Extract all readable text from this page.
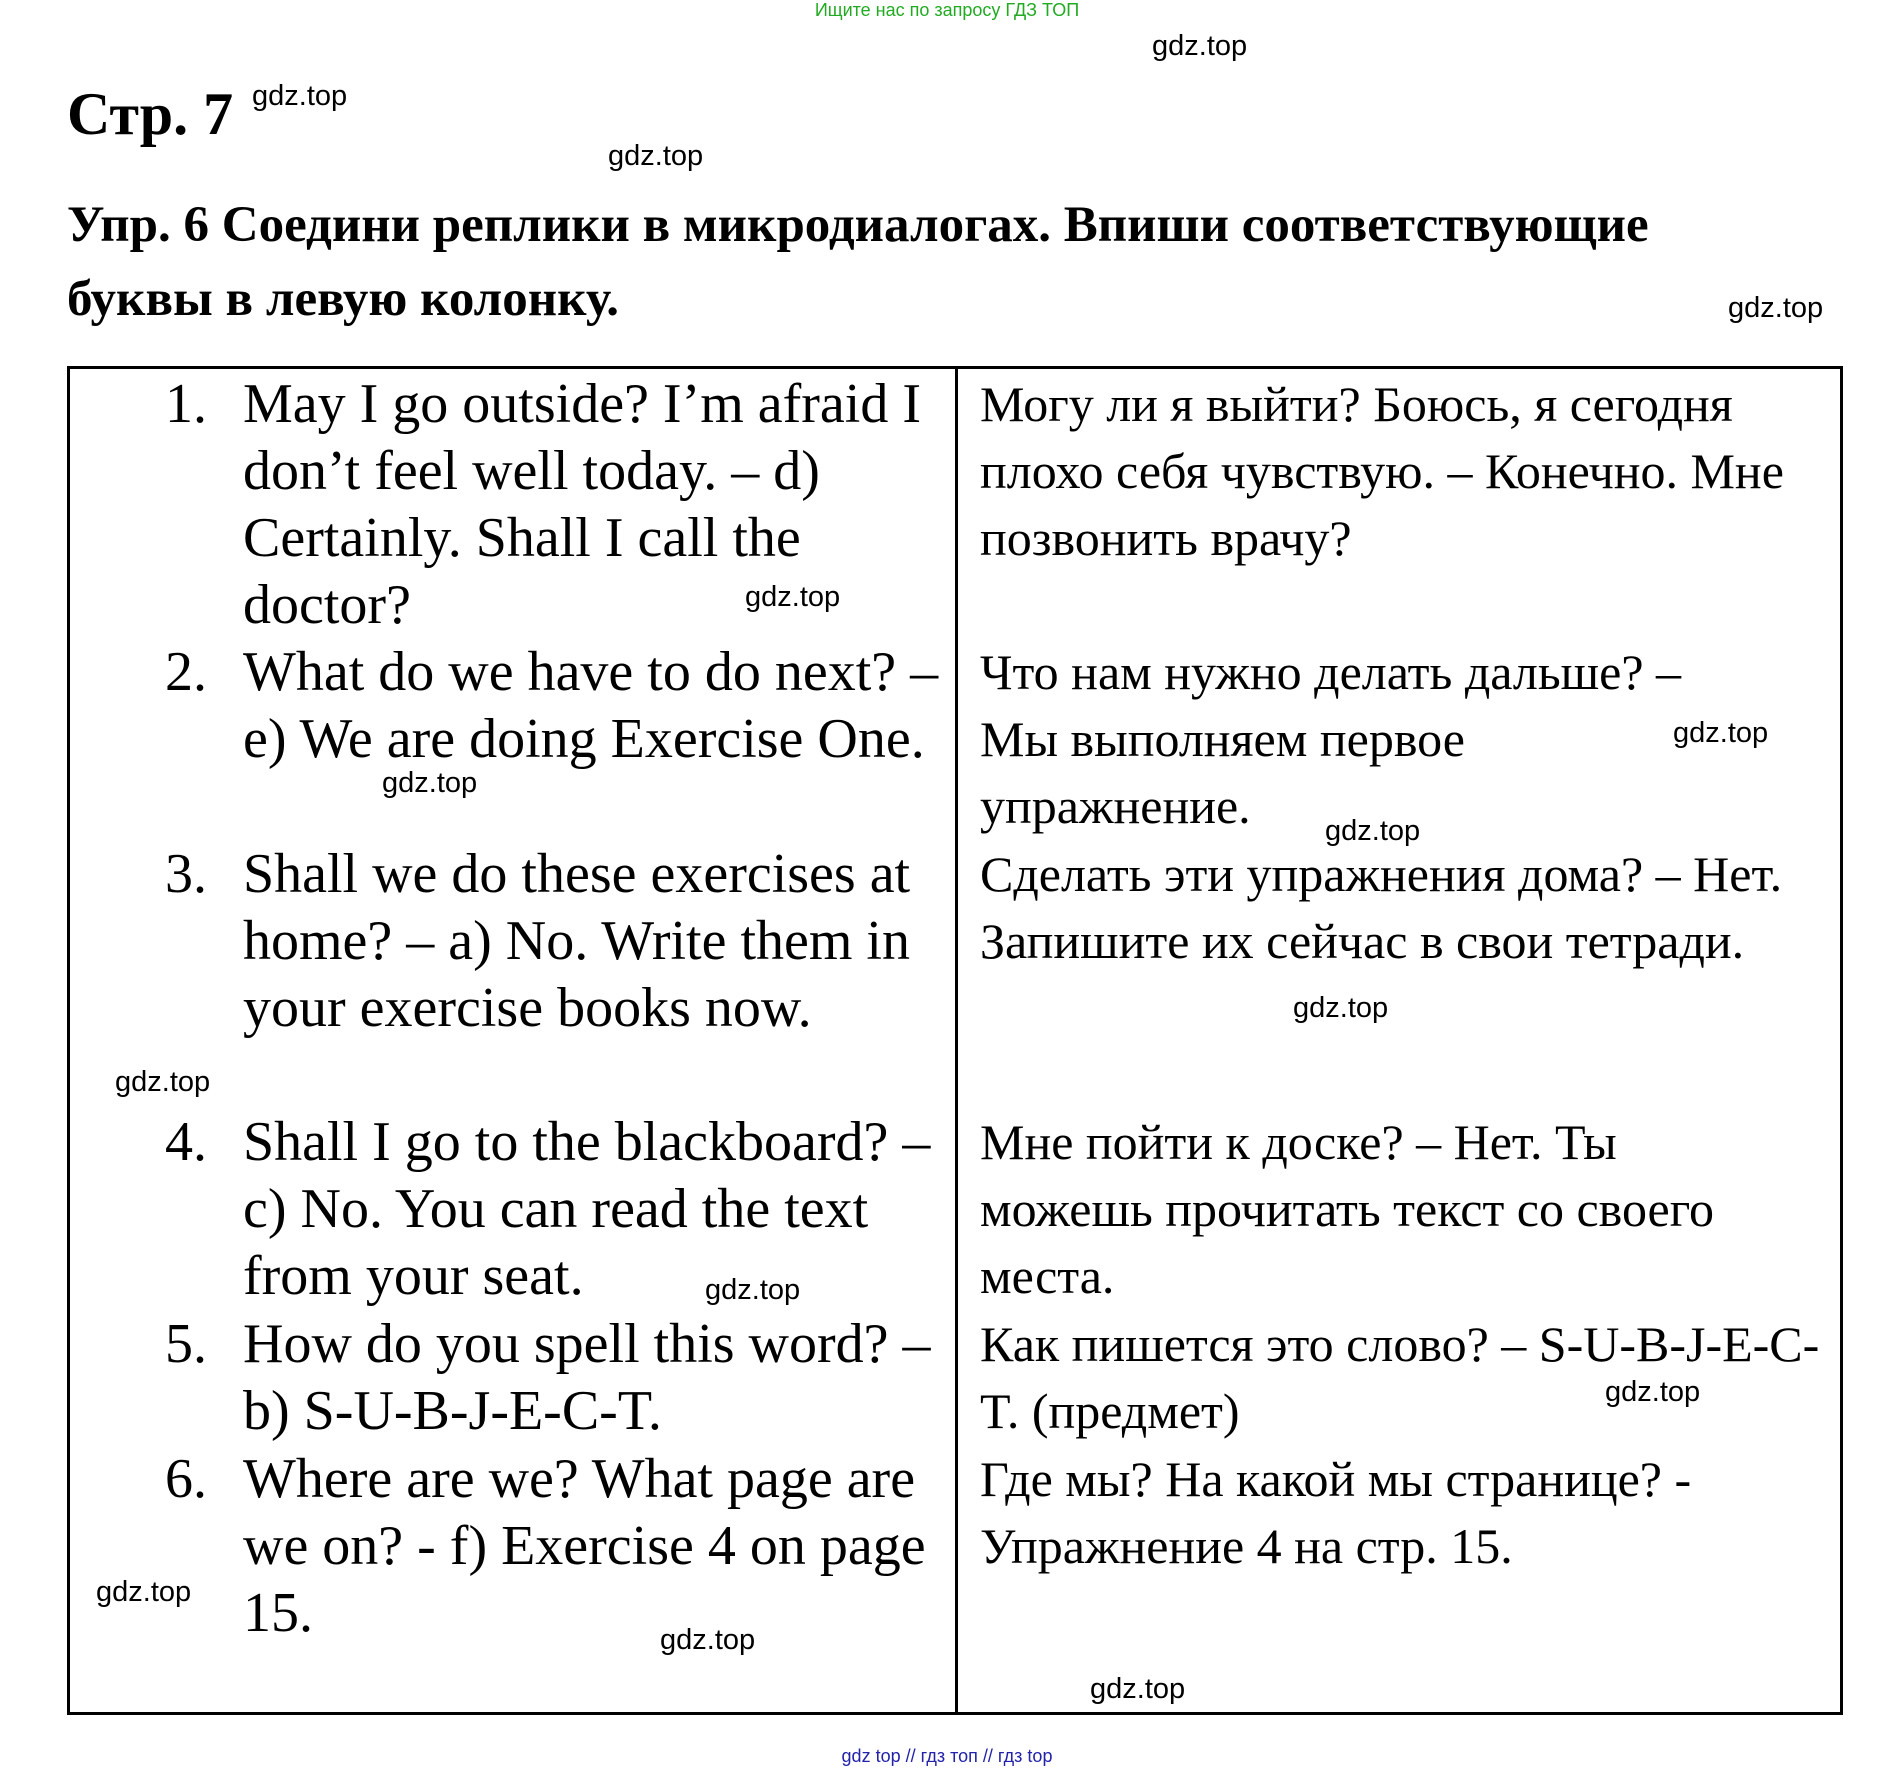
Ищите нас по запросу ГДЗ ТОП
gdz.top
Стр. 7 gdz.top
gdz.top
Упр. 6 Соедини реплики в микродиалогах. Впиши соответствующие буквы в левую колонку.	gdz.top
1. May I go outside? I’m afraid I don’t feel well today. – d) Certainly. Shall I call the doctor?
Могу ли я выйти? Боюсь, я сегодня плохо себя чувствую. – Конечно. Мне позвонить врачу?
2. What do we have to do next? – e) We are doing Exercise One.
Что нам нужно делать дальше? – Мы выполняем первое упражнение.
3. Shall we do these exercises at home? – a) No. Write them in your exercise books now.
Сделать эти упражнения дома? – Нет. Запишите их сейчас в свои тетради.
4. Shall I go to the blackboard? – c) No. You can read the text from your seat.
Мне пойти к доске? – Нет. Ты можешь прочитать текст со своего места.
5. How do you spell this word? – b) S-U-B-J-E-C-T.
Как пишется это слово? – S-U-B-J-E-C-T. (предмет)
6. Where are we? What page are we on? - f) Exercise 4 on page 15.
Где мы? На какой мы странице? - Упражнение 4 на стр. 15.
gdz.top
gdz.top
gdz.top
gdz.top
gdz.top
gdz.top
gdz.top
gdz.top
gdz.top
gdz.top
gdz.top
gdz top // гдз топ // гдз top
